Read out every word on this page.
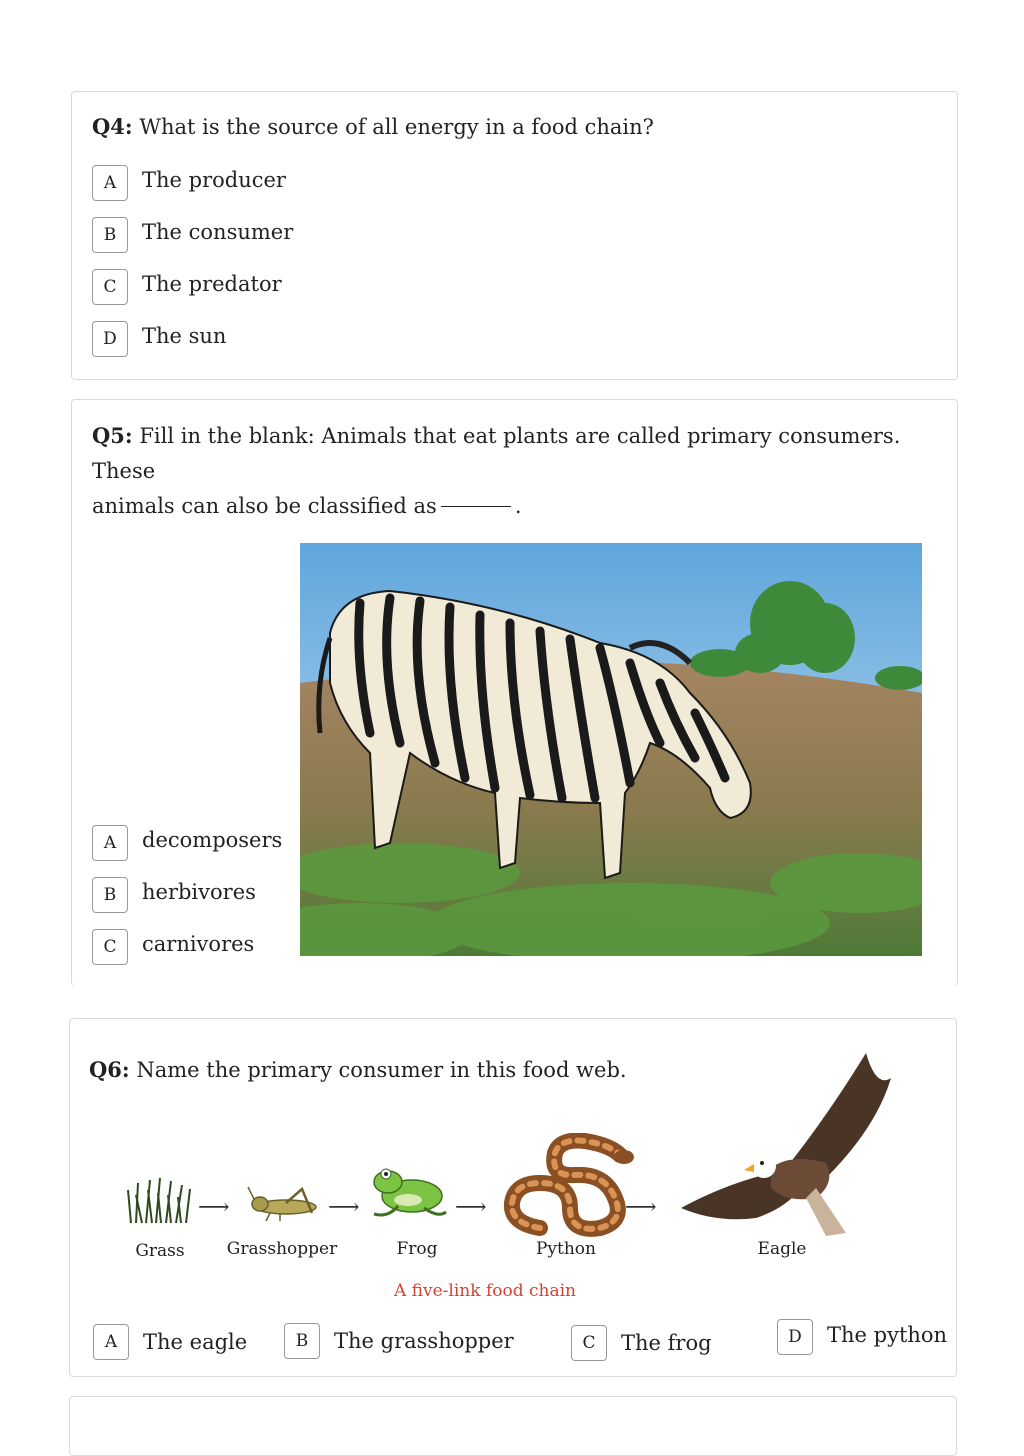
Q4: What is the source of all energy in a food chain?
A	The producer
B	The consumer
C	The predator
D	The sun
Q5: Fill in the blank: Animals that eat plants are called primary consumers. These
animals can also be classified as	.
A	decomposers
B	herbivores
C	carnivores
Q6: Name the primary consumer in this food web.
⟶	⟶	⟶	⟶
Grass	Grasshopper	Frog	Python	Eagle
A five-link food chain
A	The eagle	B	The grasshopper	C	The frog	D	The python
